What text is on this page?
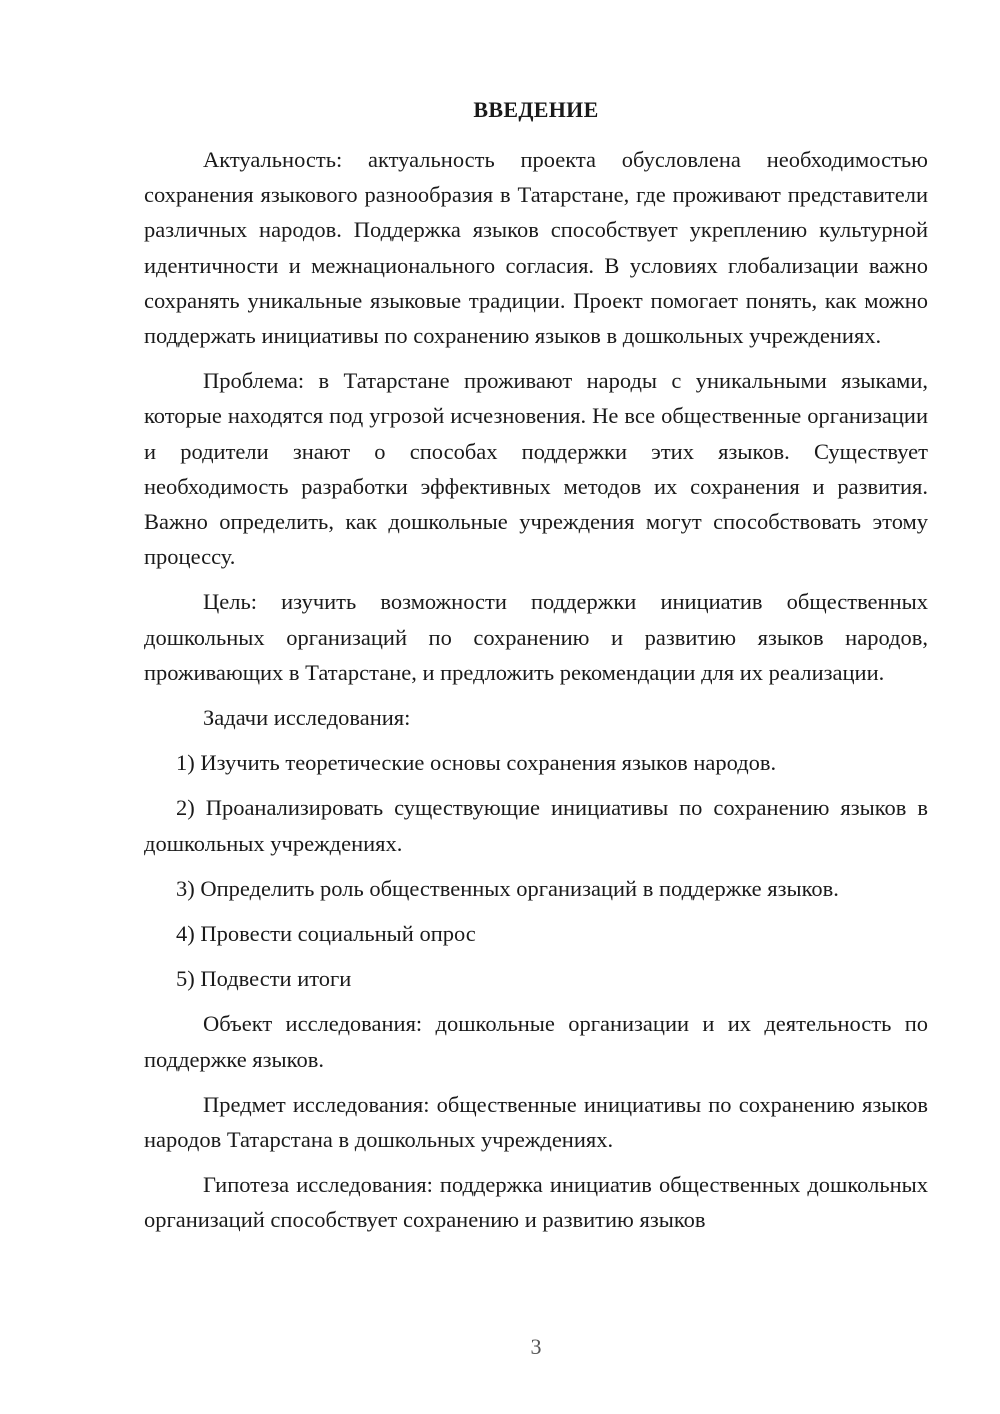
ВВЕДЕНИЕ

Актуальность: актуальность проекта обусловлена необходимостью сохранения языкового разнообразия в Татарстане, где проживают представители различных народов. Поддержка языков способствует укреплению культурной идентичности и межнационального согласия. В условиях глобализации важно сохранять уникальные языковые традиции. Проект помогает понять, как можно поддержать инициативы по сохранению языков в дошкольных учреждениях.

Проблема: в Татарстане проживают народы с уникальными языками, которые находятся под угрозой исчезновения. Не все общественные организации и родители знают о способах поддержки этих языков. Существует необходимость разработки эффективных методов их сохранения и развития. Важно определить, как дошкольные учреждения могут способствовать этому процессу.

Цель: изучить возможности поддержки инициатив общественных дошкольных организаций по сохранению и развитию языков народов, проживающих в Татарстане, и предложить рекомендации для их реализации.

Задачи исследования:

1) Изучить теоретические основы сохранения языков народов.

2) Проанализировать существующие инициативы по сохранению языков в дошкольных учреждениях.

3) Определить роль общественных организаций в поддержке языков.

4) Провести социальный опрос

5) Подвести итоги

Объект исследования: дошкольные организации и их деятельность по поддержке языков.

Предмет исследования: общественные инициативы по сохранению языков народов Татарстана в дошкольных учреждениях.

Гипотеза исследования: поддержка инициатив общественных дошкольных организаций способствует сохранению и развитию языков

3
